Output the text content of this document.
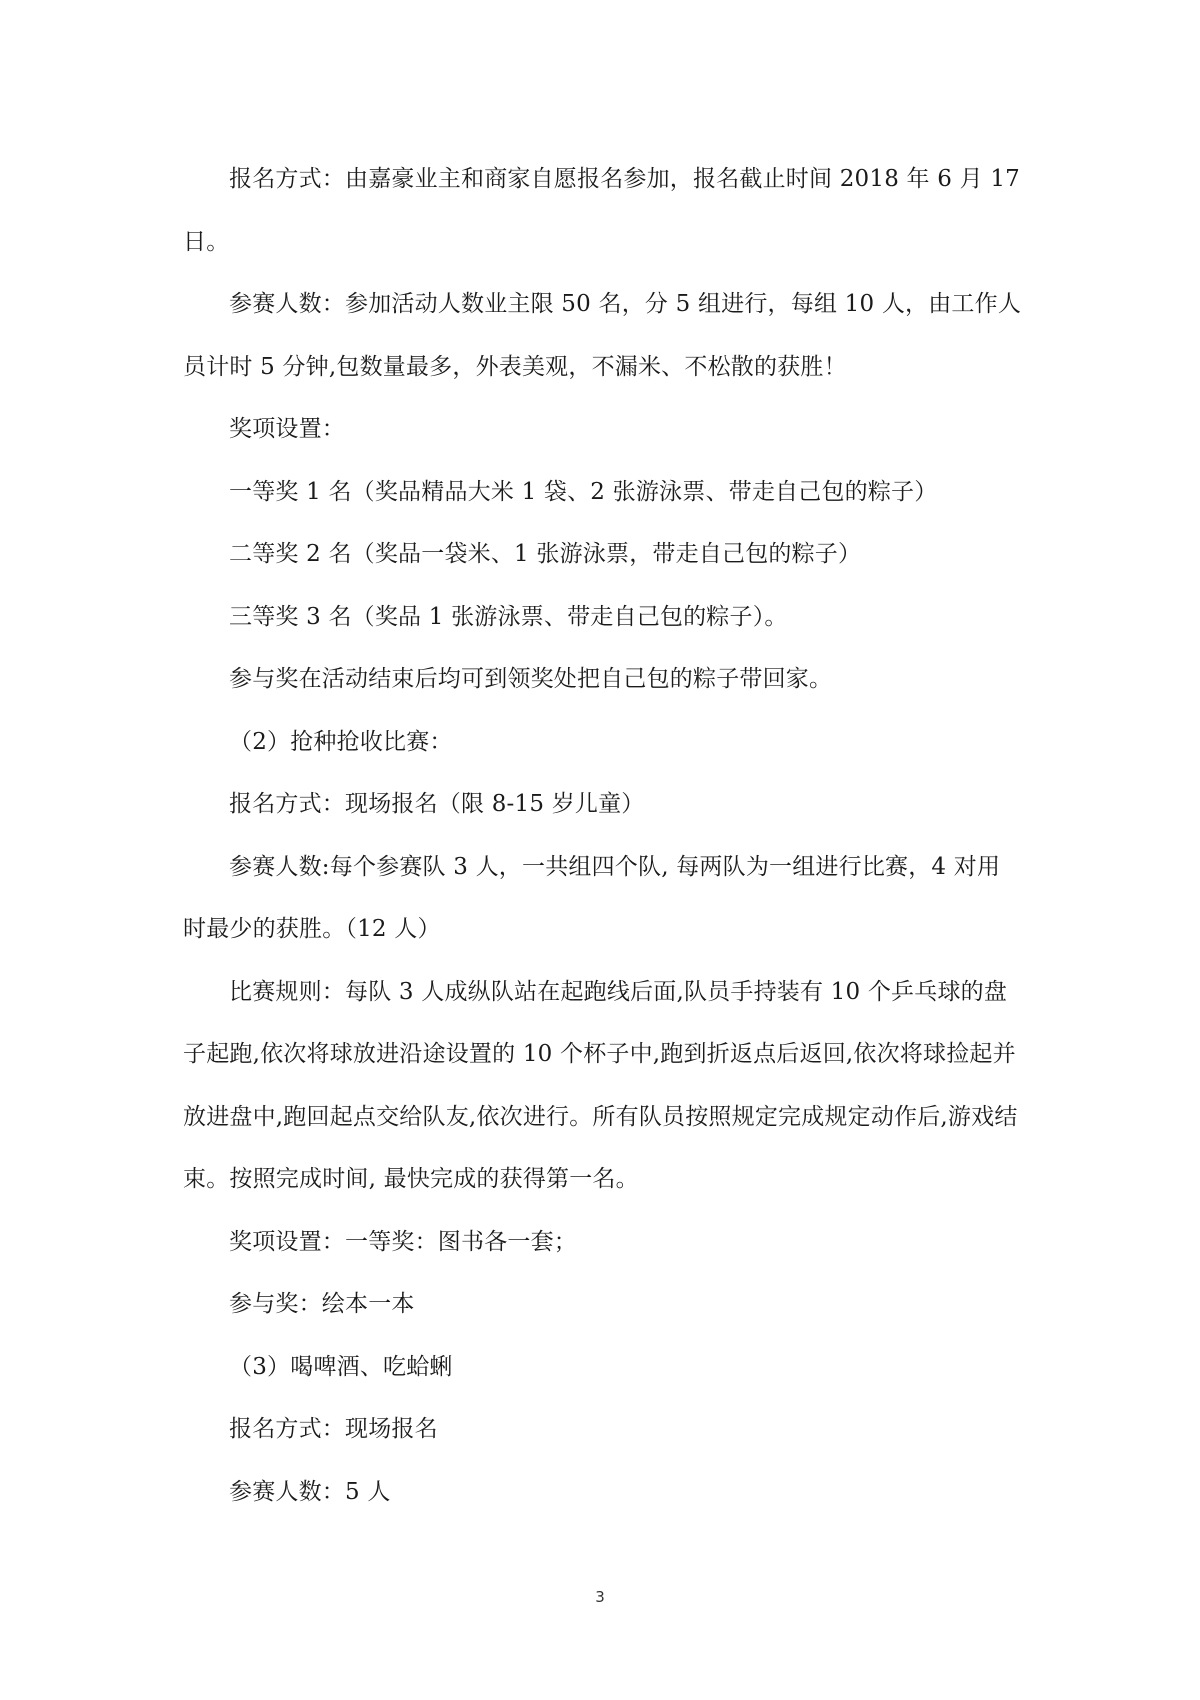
报名方式：由嘉豪业主和商家自愿报名参加，报名截止时间 2018 年 6 月 17 日。

参赛人数：参加活动人数业主限 50 名，分 5 组进行，每组 10 人，由工作人员计时 5 分钟,包数量最多，外表美观，不漏米、不松散的获胜！

奖项设置：

一等奖 1 名（奖品精品大米 1 袋、2 张游泳票、带走自己包的粽子）

二等奖 2 名（奖品一袋米、1 张游泳票，带走自己包的粽子）

三等奖 3 名（奖品 1 张游泳票、带走自己包的粽子）。

参与奖在活动结束后均可到领奖处把自己包的粽子带回家。

（2）抢种抢收比赛：

报名方式：现场报名（限 8-15 岁儿童）

参赛人数:每个参赛队 3 人，一共组四个队, 每两队为一组进行比赛，4 对用时最少的获胜。（12 人）

比赛规则：每队 3 人成纵队站在起跑线后面,队员手持装有 10 个乒乓球的盘子起跑,依次将球放进沿途设置的 10 个杯子中,跑到折返点后返回,依次将球捡起并放进盘中,跑回起点交给队友,依次进行。所有队员按照规定完成规定动作后,游戏结束。按照完成时间, 最快完成的获得第一名。

奖项设置：一等奖：图书各一套；

参与奖：绘本一本

（3）喝啤酒、吃蛤蜊

报名方式：现场报名

参赛人数：5 人

3
